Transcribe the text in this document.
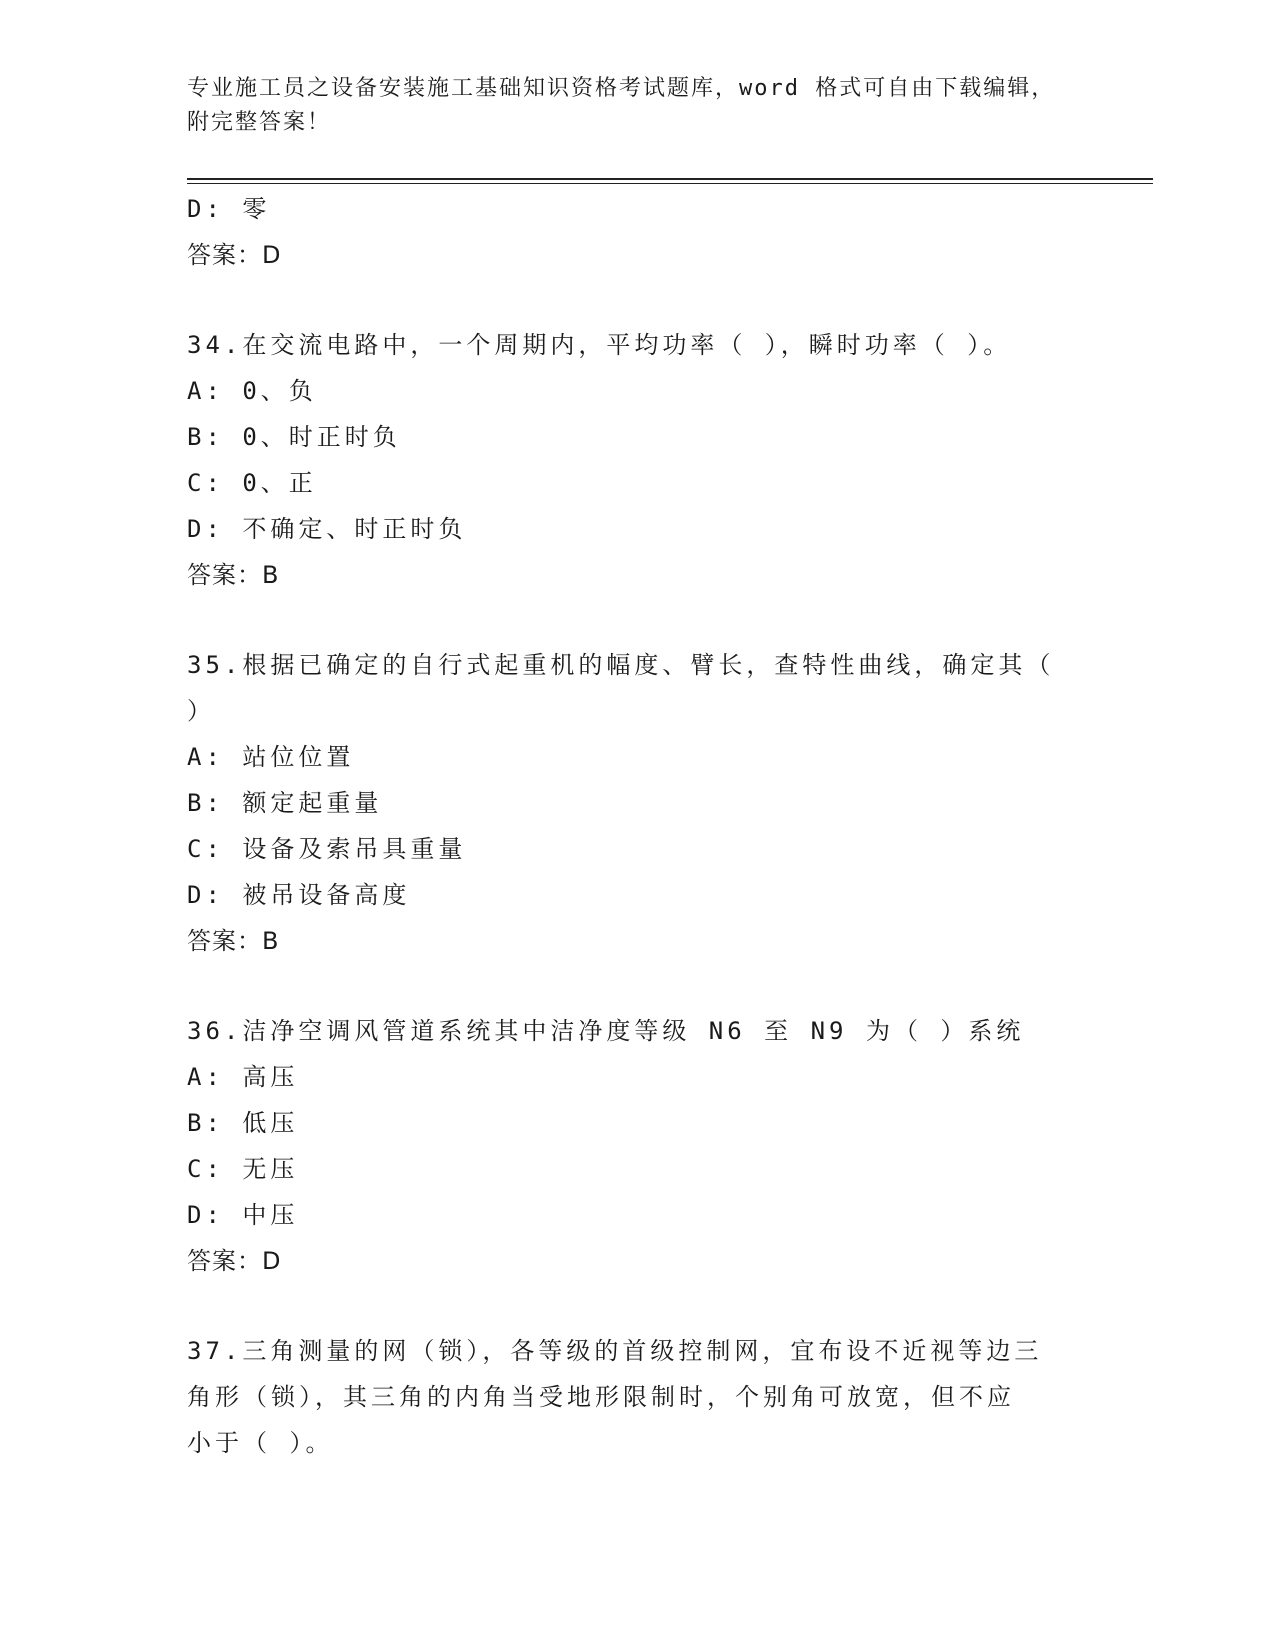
专业施工员之设备安装施工基础知识资格考试题库，word 格式可自由下载编辑，
附完整答案！
D: 零
答案：D
34.在交流电路中，一个周期内，平均功率（ ），瞬时功率（ ）。
A: 0、负
B: 0、时正时负
C: 0、正
D: 不确定、时正时负
答案：B
35.根据已确定的自行式起重机的幅度、臂长，查特性曲线，确定其（
）
A: 站位位置
B: 额定起重量
C: 设备及索吊具重量
D: 被吊设备高度
答案：B
36.洁净空调风管道系统其中洁净度等级 N6 至 N9 为（ ）系统
A: 高压
B: 低压
C: 无压
D: 中压
答案：D
37.三角测量的网（锁），各等级的首级控制网，宜布设不近视等边三
角形（锁），其三角的内角当受地形限制时，个别角可放宽，但不应
小于（ ）。
